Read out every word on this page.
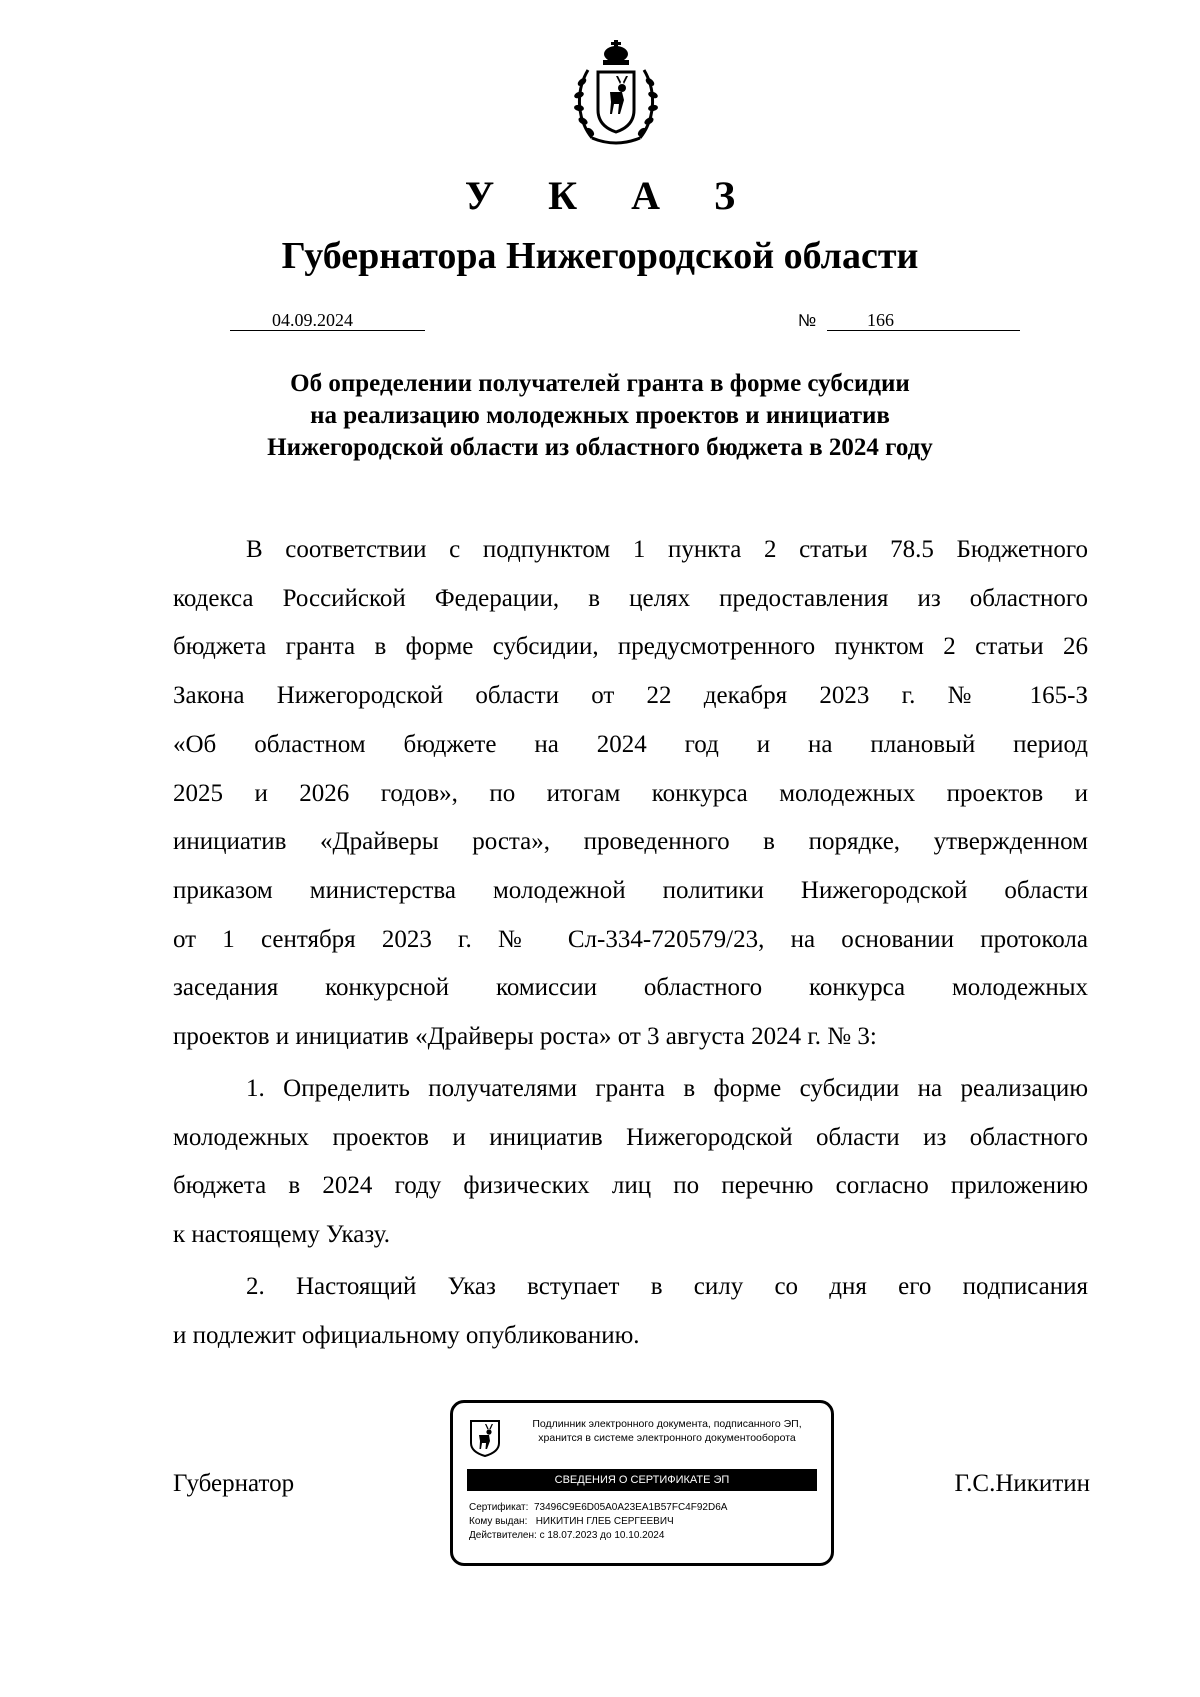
У К А З
Губернатора Нижегородской области
04.09.2024	№	166
Об определении получателей гранта в форме субсидии
на реализацию молодежных проектов и инициатив
Нижегородской области из областного бюджета в 2024 году
В соответствии с подпунктом 1 пункта 2 статьи 78.5 Бюджетного
кодекса Российской Федерации, в целях предоставления из областного
бюджета гранта в форме субсидии, предусмотренного пунктом 2 статьи 26
Закона Нижегородской области от 22 декабря 2023 г. № 165-З
«Об областном бюджете на 2024 год и на плановый период
2025 и 2026 годов», по итогам конкурса молодежных проектов и
инициатив «Драйверы роста», проведенного в порядке, утвержденном
приказом министерства молодежной политики Нижегородской области
от 1 сентября 2023 г. № Сл-334-720579/23, на основании протокола
заседания конкурсной комиссии областного конкурса молодежных
проектов и инициатив «Драйверы роста» от 3 августа 2024 г. № 3:
1. Определить получателями гранта в форме субсидии на реализацию
молодежных проектов и инициатив Нижегородской области из областного
бюджета в 2024 году физических лиц по перечню согласно приложению
к настоящему Указу.
2. Настоящий Указ вступает в силу со дня его подписания
и подлежит официальному опубликованию.
Губернатор	Г.С.Никитин
Подлинник электронного документа, подписанного ЭП,
хранится в системе электронного документооборота
СВЕДЕНИЯ О СЕРТИФИКАТЕ ЭП
Сертификат: 73496C9E6D05A0A23EA1B57FC4F92D6A
Кому выдан: НИКИТИН ГЛЕБ СЕРГЕЕВИЧ
Действителен: с 18.07.2023 до 10.10.2024
